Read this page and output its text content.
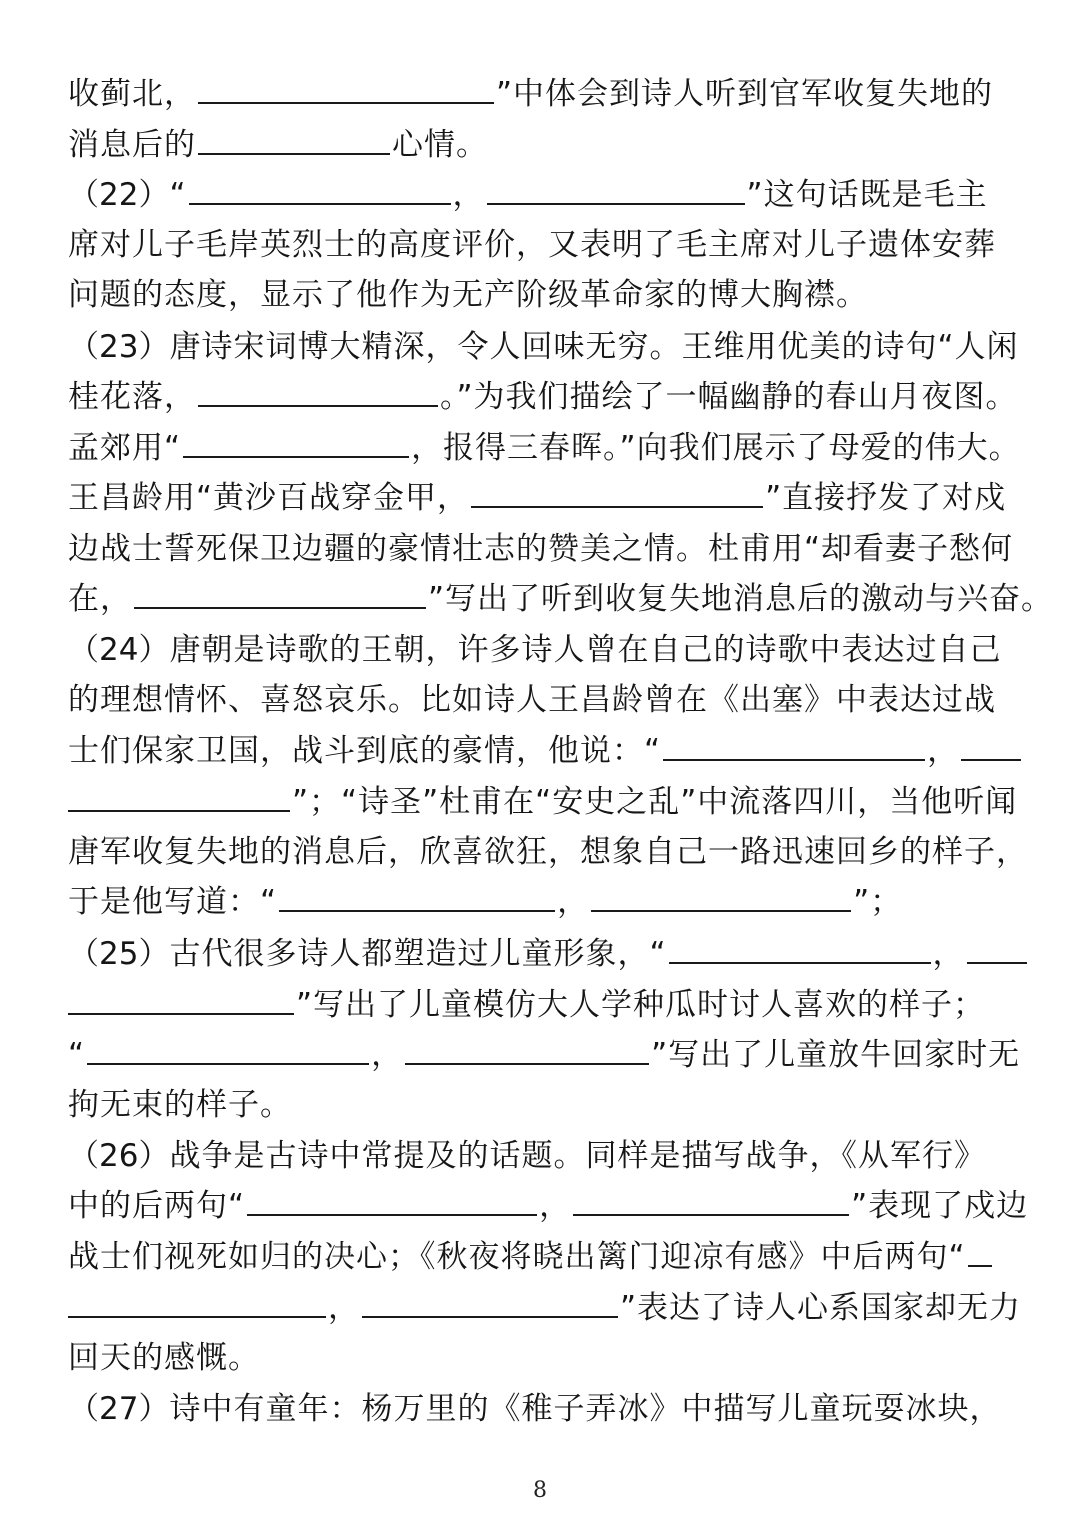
收蓟北，	”中体会到诗人听到官军收复失地的
消息后的	心情。
（22）“	，	”这句话既是毛主
席对儿子毛岸英烈士的高度评价，又表明了毛主席对儿子遗体安葬
问题的态度，显示了他作为无产阶级革命家的博大胸襟。
（23）唐诗宋词博大精深，令人回味无穷。王维用优美的诗句“人闲
桂花落，	。”为我们描绘了一幅幽静的春山月夜图。
孟郊用“	，报得三春晖。”向我们展示了母爱的伟大。
王昌龄用“黄沙百战穿金甲，	”直接抒发了对戍
边战士誓死保卫边疆的豪情壮志的赞美之情。杜甫用“却看妻子愁何
在，	”写出了听到收复失地消息后的激动与兴奋。
（24）唐朝是诗歌的王朝，许多诗人曾在自己的诗歌中表达过自己
的理想情怀、喜怒哀乐。比如诗人王昌龄曾在《出塞》中表达过战
士们保家卫国，战斗到底的豪情，他说：“	，
”；“诗圣”杜甫在“安史之乱”中流落四川，当他听闻
唐军收复失地的消息后，欣喜欲狂，想象自己一路迅速回乡的样子，
于是他写道：“	，	”；
（25）古代很多诗人都塑造过儿童形象，“	，
”写出了儿童模仿大人学种瓜时讨人喜欢的样子；
“	，	”写出了儿童放牛回家时无
拘无束的样子。
（26）战争是古诗中常提及的话题。同样是描写战争，《从军行》
中的后两句“	，	”表现了戍边
战士们视死如归的决心；《秋夜将晓出篱门迎凉有感》中后两句“
，	”表达了诗人心系国家却无力
回天的感慨。
（27）诗中有童年：杨万里的《稚子弄冰》中描写儿童玩耍冰块，
8
